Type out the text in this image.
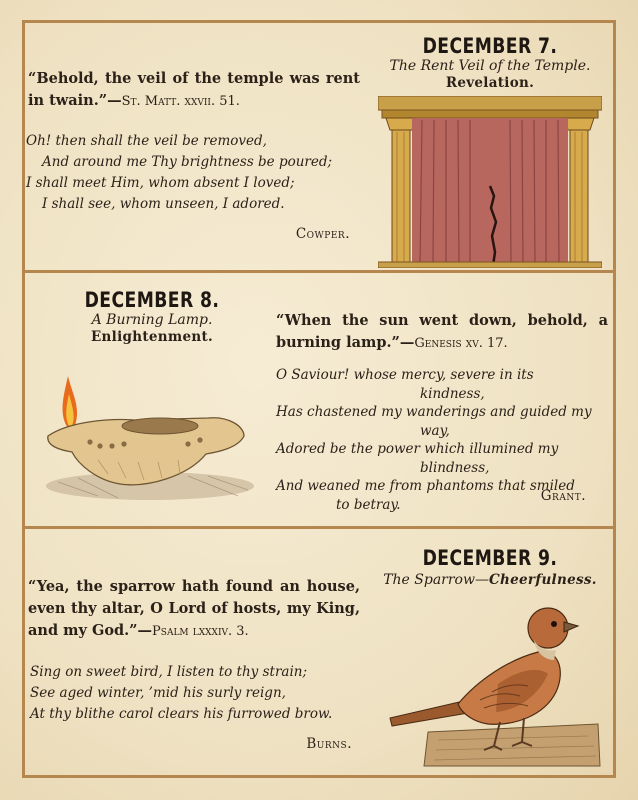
DECEMBER 7.
The Rent Veil of the Temple.
Revelation.
“Behold, the veil of the temple was rent in twain.”—St. Matt. xxvii. 51.
Oh! then shall the veil be removed,
And around me Thy brightness be poured;
I shall meet Him, whom absent I loved;
I shall see, whom unseen, I adored.
Cowper.
DECEMBER 8.
A Burning Lamp.
Enlightenment.
“When the sun went down, behold, a burning lamp.”—Genesis xv. 17.
O Saviour! whose mercy, severe in its
kindness,
Has chastened my wanderings and guided my
way,
Adored be the power which illumined my
blindness,
And weaned me from phantoms that smiled
to betray.
Grant.
DECEMBER 9.
The Sparrow—Cheerfulness.
“Yea, the sparrow hath found an house, even thy altar, O Lord of hosts, my King, and my God.”—Psalm lxxxiv. 3.
Sing on sweet bird, I listen to thy strain;
See aged winter, ’mid his surly reign,
At thy blithe carol clears his furrowed brow.
Burns.
